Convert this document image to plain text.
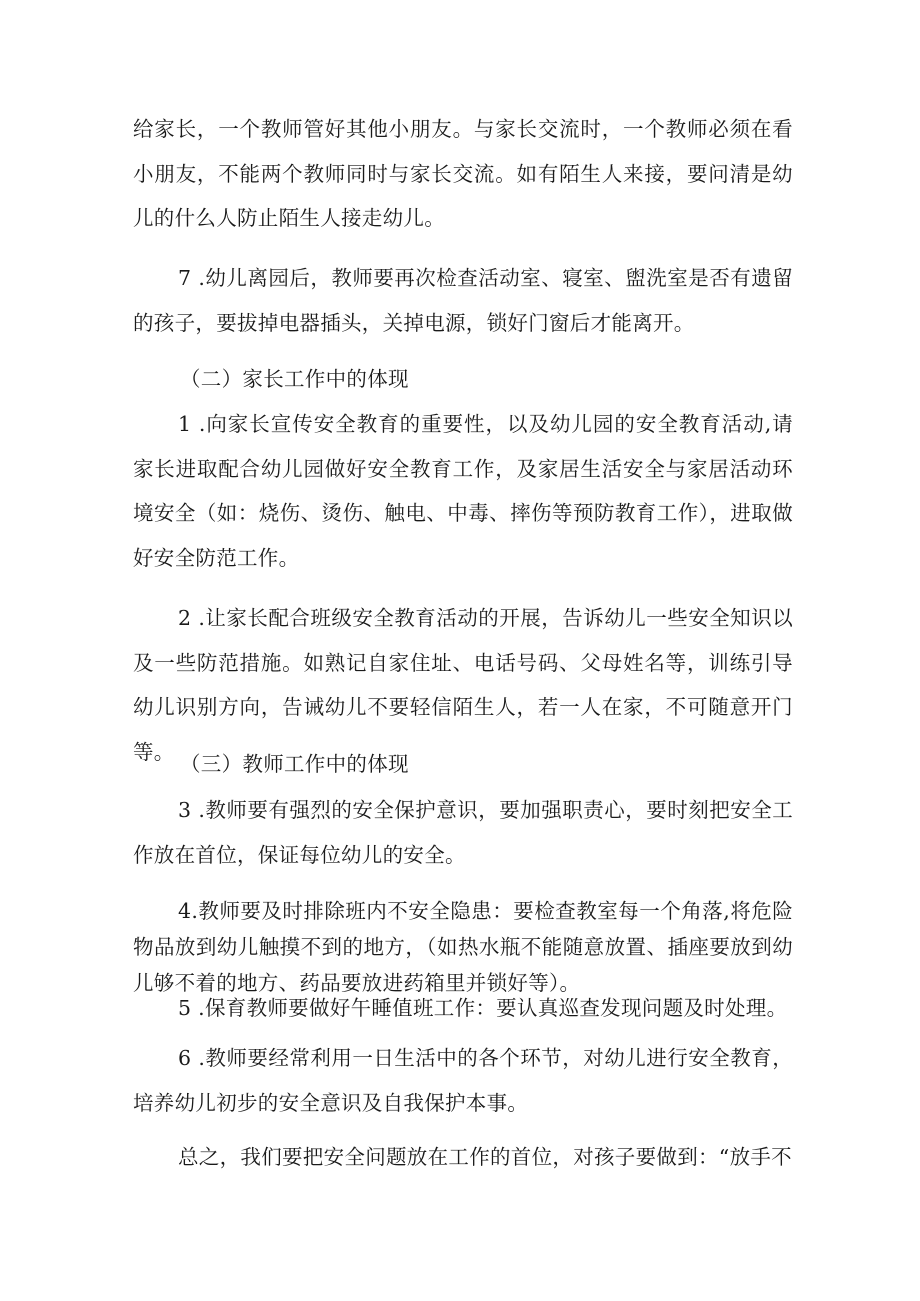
给家长，一个教师管好其他小朋友。与家长交流时，一个教师必须在看小朋友，不能两个教师同时与家长交流。如有陌生人来接，要问清是幼儿的什么人防止陌生人接走幼儿。

7 .幼儿离园后，教师要再次检查活动室、寝室、盥洗室是否有遗留的孩子，要拔掉电器插头，关掉电源，锁好门窗后才能离开。

（二）家长工作中的体现

1 .向家长宣传安全教育的重要性，以及幼儿园的安全教育活动,请家长进取配合幼儿园做好安全教育工作，及家居生活安全与家居活动环境安全（如：烧伤、烫伤、触电、中毒、摔伤等预防教育工作），进取做好安全防范工作。

2 .让家长配合班级安全教育活动的开展，告诉幼儿一些安全知识以及一些防范措施。如熟记自家住址、电话号码、父母姓名等，训练引导幼儿识别方向，告诫幼儿不要轻信陌生人，若一人在家，不可随意开门等。

（三）教师工作中的体现

3 .教师要有强烈的安全保护意识，要加强职责心，要时刻把安全工作放在首位，保证每位幼儿的安全。

4.教师要及时排除班内不安全隐患：要检查教室每一个角落,将危险物品放到幼儿触摸不到的地方，（如热水瓶不能随意放置、插座要放到幼儿够不着的地方、药品要放进药箱里并锁好等）。

5 .保育教师要做好午睡值班工作：要认真巡查发现问题及时处理。

6 .教师要经常利用一日生活中的各个环节，对幼儿进行安全教育，培养幼儿初步的安全意识及自我保护本事。

总之，我们要把安全问题放在工作的首位，对孩子要做到：“放手不
